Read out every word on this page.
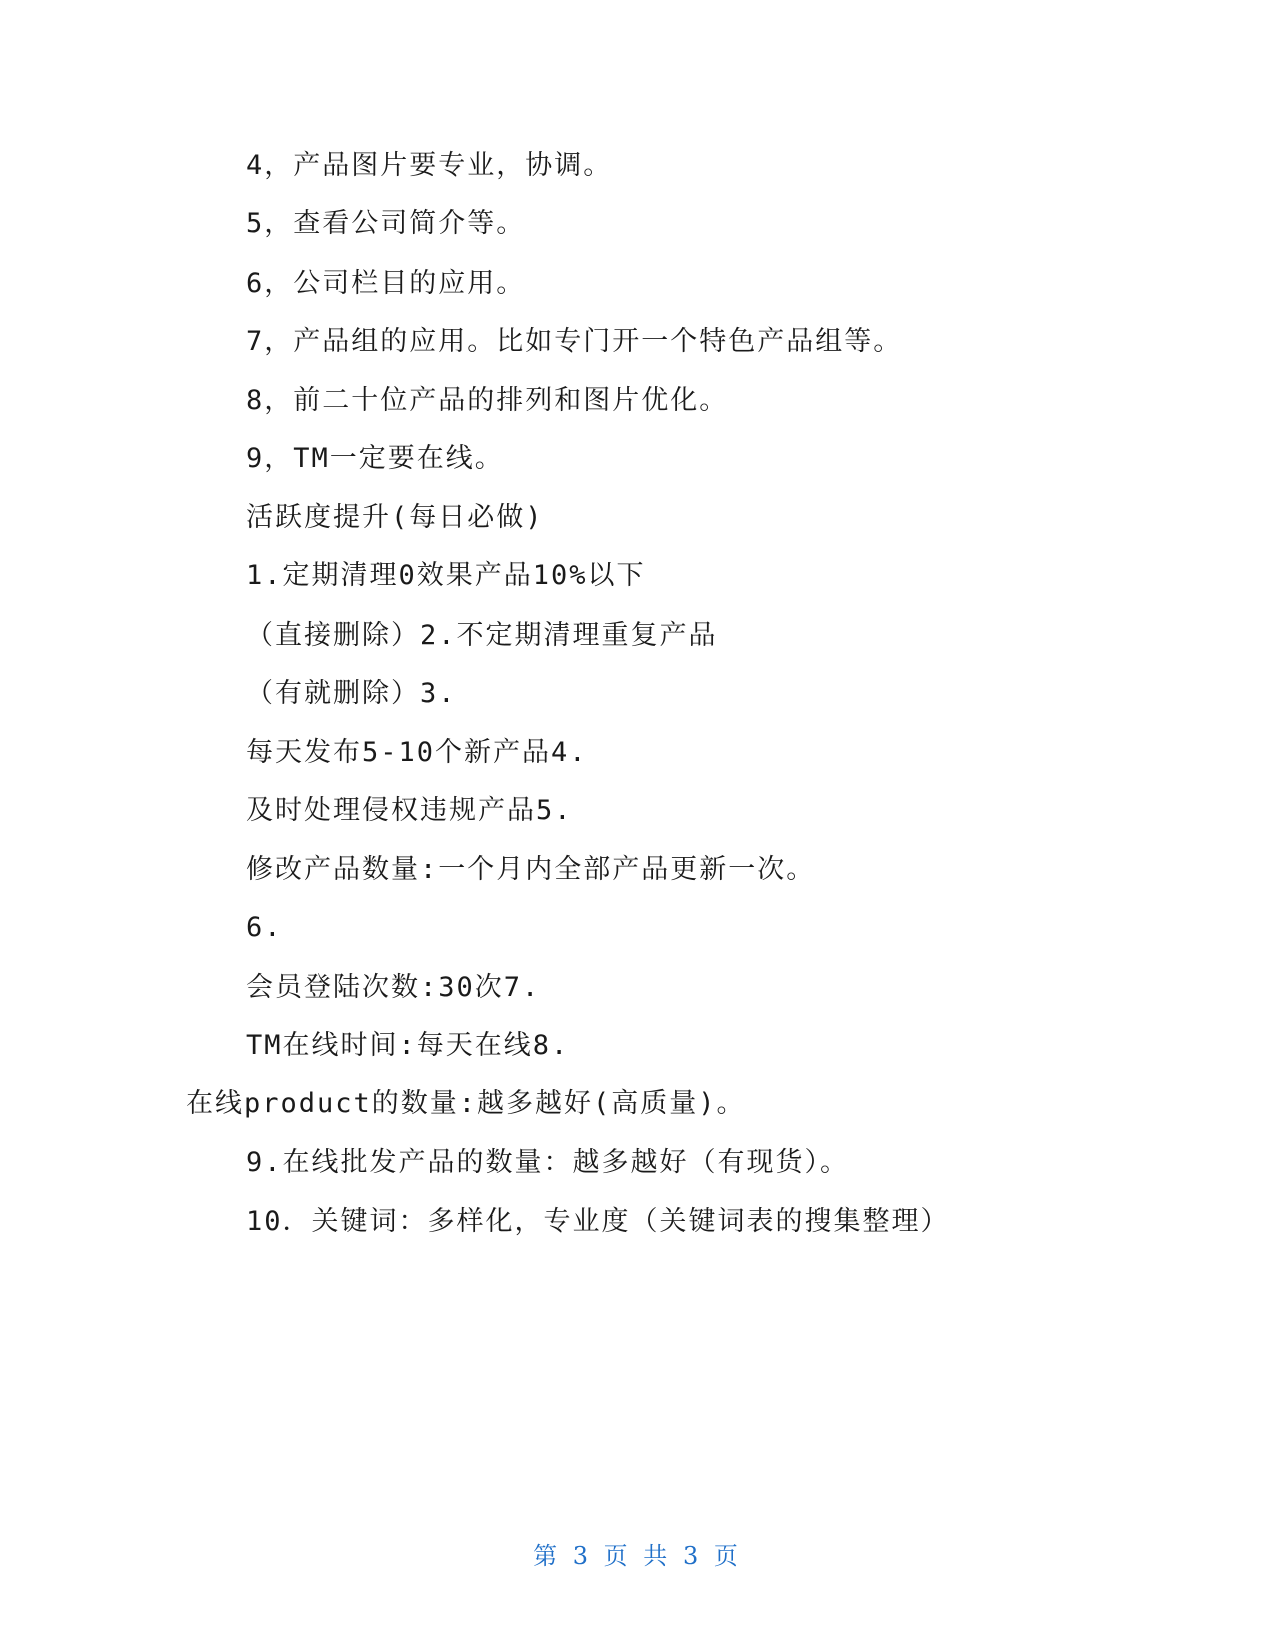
4，产品图片要专业，协调。
5，查看公司简介等。
6，公司栏目的应用。
7，产品组的应用。比如专门开一个特色产品组等。
8，前二十位产品的排列和图片优化。
9，TM一定要在线。
活跃度提升(每日必做)
1.定期清理0效果产品10%以下
（直接删除）2.不定期清理重复产品
（有就删除）3.
每天发布5-10个新产品4.
及时处理侵权违规产品5.
修改产品数量:一个月内全部产品更新一次。
6.
会员登陆次数:30次7.
TM在线时间:每天在线8.
在线product的数量:越多越好(高质量)。
9.在线批发产品的数量：越多越好（有现货）。
10．关键词：多样化，专业度（关键词表的搜集整理）
第 3 页 共 3 页
